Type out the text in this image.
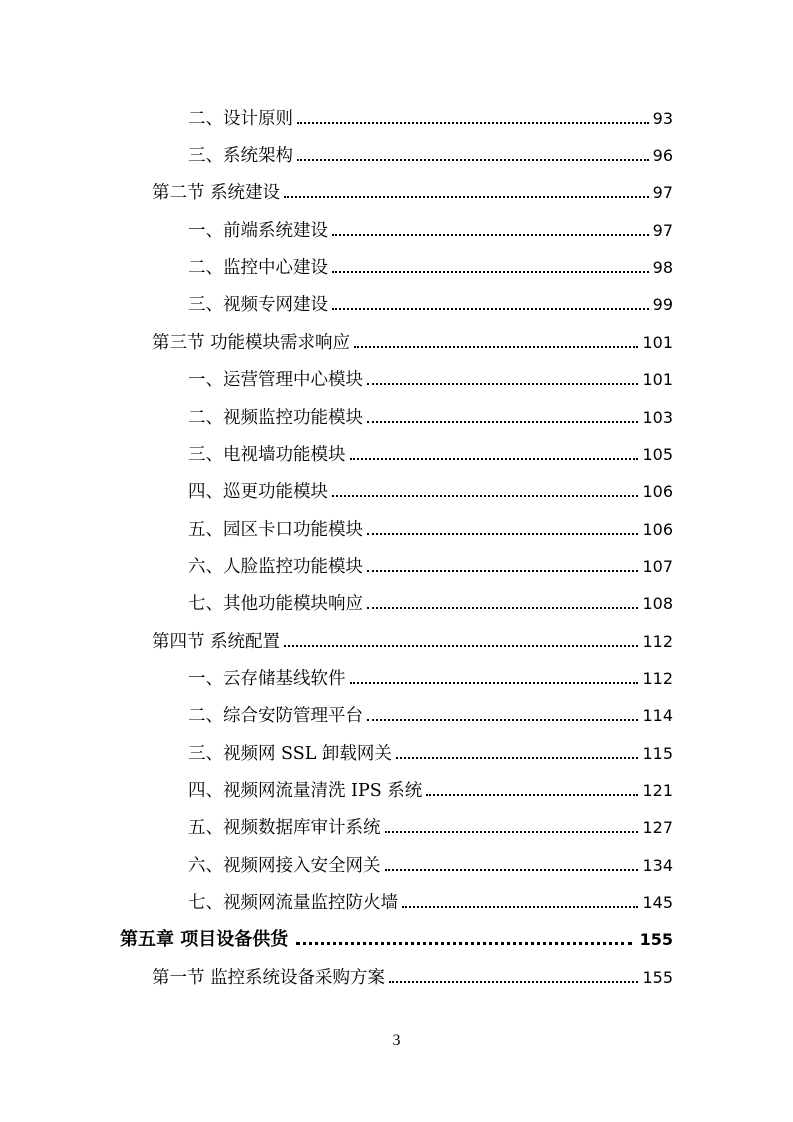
二、设计原则	93
三、系统架构	96
第二节 系统建设	97
一、前端系统建设	97
二、监控中心建设	98
三、视频专网建设	99
第三节 功能模块需求响应	101
一、运营管理中心模块	101
二、视频监控功能模块	103
三、电视墙功能模块	105
四、巡更功能模块	106
五、园区卡口功能模块	106
六、人脸监控功能模块	107
七、其他功能模块响应	108
第四节 系统配置	112
一、云存储基线软件	112
二、综合安防管理平台	114
三、视频网 SSL 卸载网关	115
四、视频网流量清洗 IPS 系统	121
五、视频数据库审计系统	127
六、视频网接入安全网关	134
七、视频网流量监控防火墙	145
第五章 项目设备供货	155
第一节 监控系统设备采购方案	155
3
